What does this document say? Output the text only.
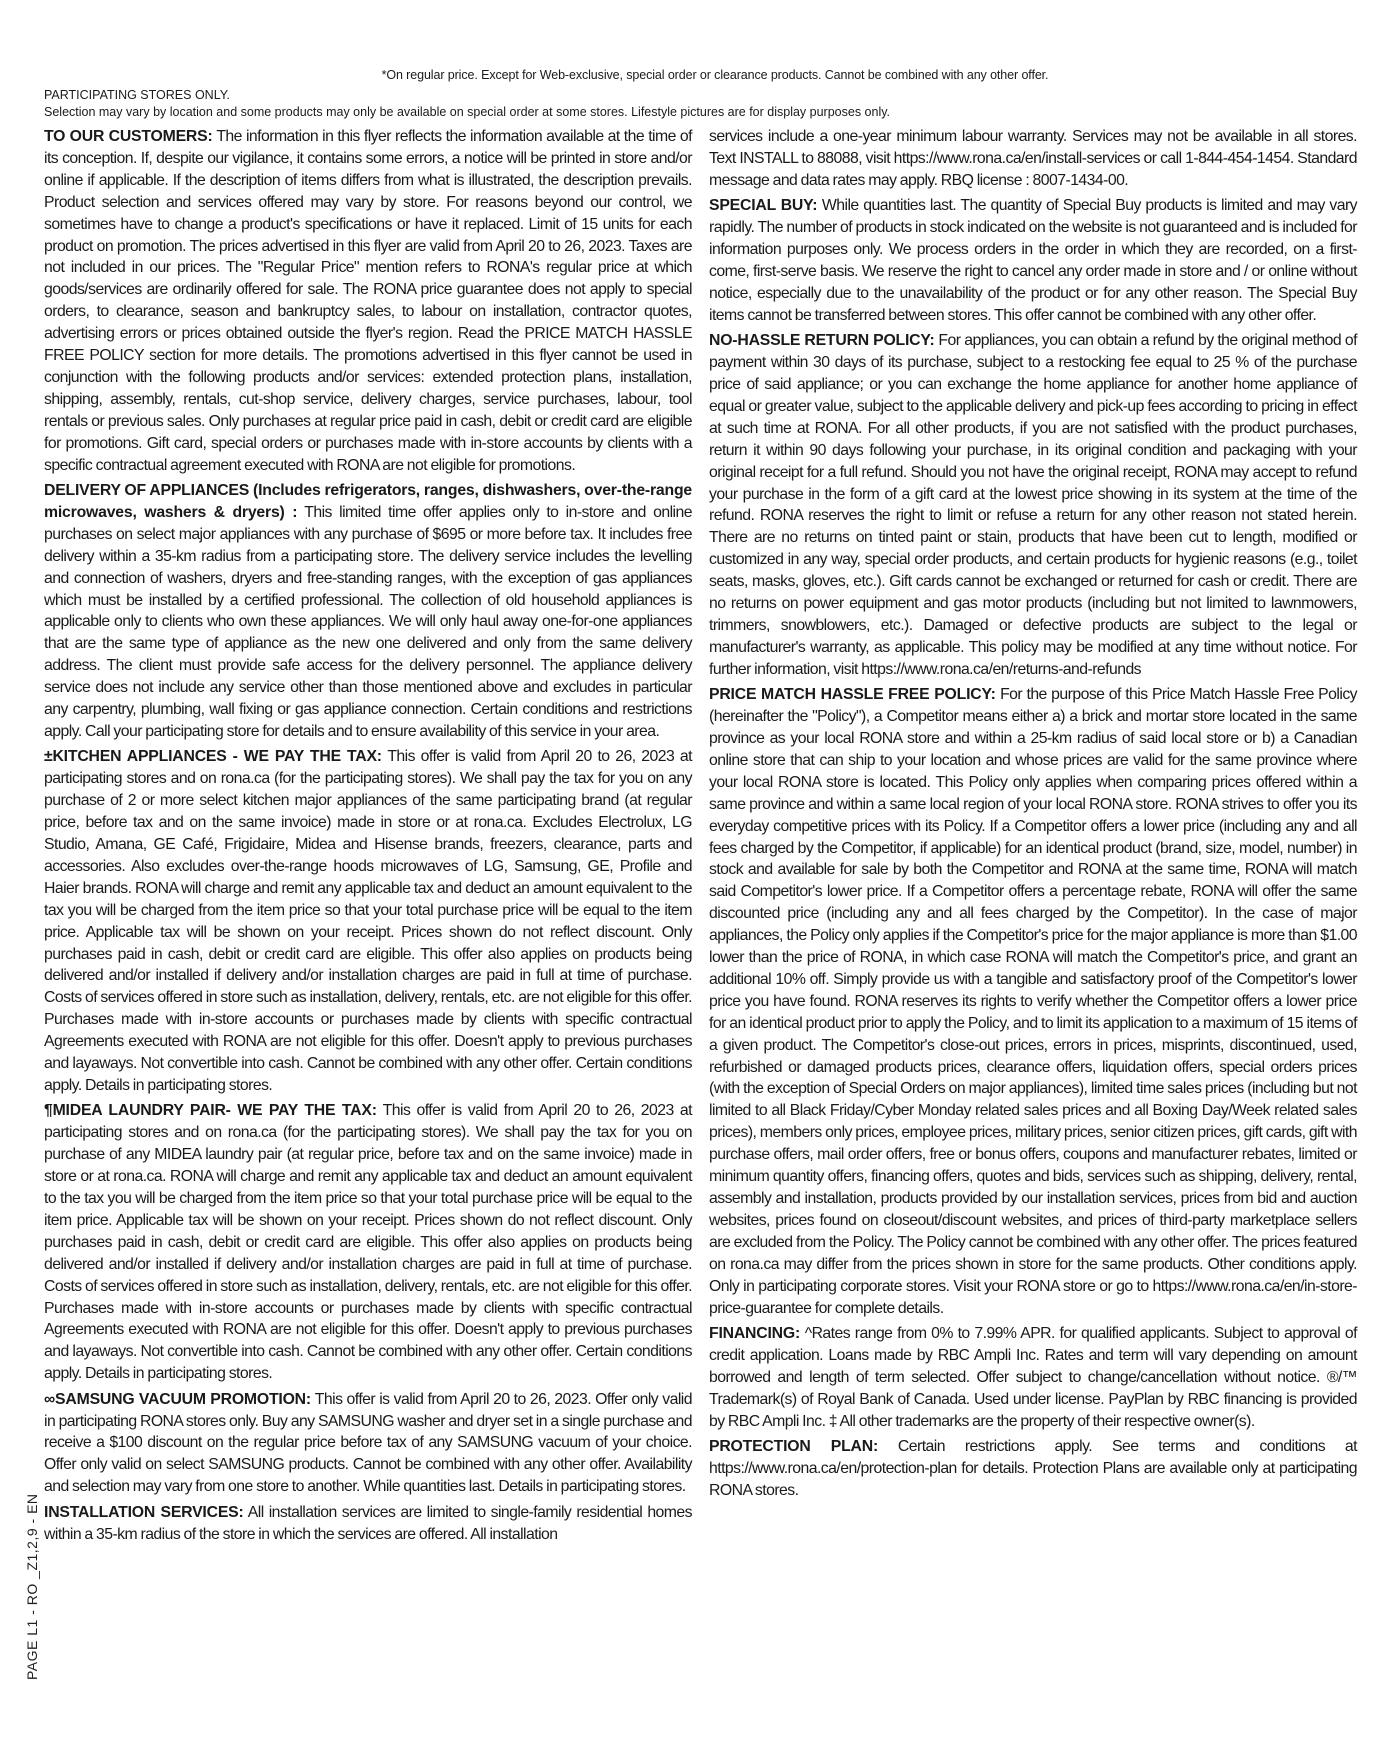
*On regular price. Except for Web-exclusive, special order or clearance products. Cannot be combined with any other offer.
PARTICIPATING STORES ONLY.
Selection may vary by location and some products may only be available on special order at some stores. Lifestyle pictures are for display purposes only.

TO OUR CUSTOMERS: The information in this flyer reflects the information available at the time of its conception. If, despite our vigilance, it contains some errors, a notice will be printed in store and/or online if applicable. If the description of items differs from what is illustrated, the description prevails. Product selection and services offered may vary by store. For reasons beyond our control, we sometimes have to change a product's specifications or have it replaced. Limit of 15 units for each product on promotion. The prices advertised in this flyer are valid from April 20 to 26, 2023. Taxes are not included in our prices. The "Regular Price" mention refers to RONA's regular price at which goods/services are ordinarily offered for sale. The RONA price guarantee does not apply to special orders, to clearance, season and bankruptcy sales, to labour on installation, contractor quotes, advertising errors or prices obtained outside the flyer's region. Read the PRICE MATCH HASSLE FREE POLICY section for more details. The promotions advertised in this flyer cannot be used in conjunction with the following products and/or services: extended protection plans, installation, shipping, assembly, rentals, cut-shop service, delivery charges, service purchases, labour, tool rentals or previous sales. Only purchases at regular price paid in cash, debit or credit card are eligible for promotions. Gift card, special orders or purchases made with in-store accounts by clients with a specific contractual agreement executed with RONA are not eligible for promotions.

DELIVERY OF APPLIANCES (Includes refrigerators, ranges, dishwashers, over-the-range microwaves, washers & dryers) : This limited time offer applies only to in-store and online purchases on select major appliances with any purchase of $695 or more before tax. It includes free delivery within a 35-km radius from a participating store. The delivery service includes the levelling and connection of washers, dryers and free-standing ranges, with the exception of gas appliances which must be installed by a certified professional. The collection of old household appliances is applicable only to clients who own these appliances. We will only haul away one-for-one appliances that are the same type of appliance as the new one delivered and only from the same delivery address. The client must provide safe access for the delivery personnel. The appliance delivery service does not include any service other than those mentioned above and excludes in particular any carpentry, plumbing, wall fixing or gas appliance connection. Certain conditions and restrictions apply. Call your participating store for details and to ensure availability of this service in your area.

±KITCHEN APPLIANCES - WE PAY THE TAX: This offer is valid from April 20 to 26, 2023 at participating stores and on rona.ca (for the participating stores). We shall pay the tax for you on any purchase of 2 or more select kitchen major appliances of the same participating brand (at regular price, before tax and on the same invoice) made in store or at rona.ca. Excludes Electrolux, LG Studio, Amana, GE Café, Frigidaire, Midea and Hisense brands, freezers, clearance, parts and accessories. Also excludes over-the-range hoods microwaves of LG, Samsung, GE, Profile and Haier brands. RONA will charge and remit any applicable tax and deduct an amount equivalent to the tax you will be charged from the item price so that your total purchase price will be equal to the item price. Applicable tax will be shown on your receipt. Prices shown do not reflect discount. Only purchases paid in cash, debit or credit card are eligible. This offer also applies on products being delivered and/or installed if delivery and/or installation charges are paid in full at time of purchase. Costs of services offered in store such as installation, delivery, rentals, etc. are not eligible for this offer. Purchases made with in-store accounts or purchases made by clients with specific contractual Agreements executed with RONA are not eligible for this offer. Doesn't apply to previous purchases and layaways. Not convertible into cash. Cannot be combined with any other offer. Certain conditions apply. Details in participating stores.

¶MIDEA LAUNDRY PAIR- WE PAY THE TAX: This offer is valid from April 20 to 26, 2023 at participating stores and on rona.ca (for the participating stores). We shall pay the tax for you on purchase of any MIDEA laundry pair (at regular price, before tax and on the same invoice) made in store or at rona.ca. RONA will charge and remit any applicable tax and deduct an amount equivalent to the tax you will be charged from the item price so that your total purchase price will be equal to the item price. Applicable tax will be shown on your receipt. Prices shown do not reflect discount. Only purchases paid in cash, debit or credit card are eligible. This offer also applies on products being delivered and/or installed if delivery and/or installation charges are paid in full at time of purchase. Costs of services offered in store such as installation, delivery, rentals, etc. are not eligible for this offer. Purchases made with in-store accounts or purchases made by clients with specific contractual Agreements executed with RONA are not eligible for this offer. Doesn't apply to previous purchases and layaways. Not convertible into cash. Cannot be combined with any other offer. Certain conditions apply. Details in participating stores.

∞SAMSUNG VACUUM PROMOTION: This offer is valid from April 20 to 26, 2023. Offer only valid in participating RONA stores only. Buy any SAMSUNG washer and dryer set in a single purchase and receive a $100 discount on the regular price before tax of any SAMSUNG vacuum of your choice. Offer only valid on select SAMSUNG products. Cannot be combined with any other offer. Availability and selection may vary from one store to another. While quantities last. Details in participating stores.

INSTALLATION SERVICES: All installation services are limited to single-family residential homes within a 35-km radius of the store in which the services are offered. All installation

services include a one-year minimum labour warranty. Services may not be available in all stores. Text INSTALL to 88088, visit https://www.rona.ca/en/install-services or call 1-844-454-1454. Standard message and data rates may apply. RBQ license : 8007-1434-00.

SPECIAL BUY: While quantities last. The quantity of Special Buy products is limited and may vary rapidly. The number of products in stock indicated on the website is not guaranteed and is included for information purposes only. We process orders in the order in which they are recorded, on a first-come, first-serve basis. We reserve the right to cancel any order made in store and / or online without notice, especially due to the unavailability of the product or for any other reason. The Special Buy items cannot be transferred between stores. This offer cannot be combined with any other offer.

NO-HASSLE RETURN POLICY: For appliances, you can obtain a refund by the original method of payment within 30 days of its purchase, subject to a restocking fee equal to 25 % of the purchase price of said appliance; or you can exchange the home appliance for another home appliance of equal or greater value, subject to the applicable delivery and pick-up fees according to pricing in effect at such time at RONA. For all other products, if you are not satisfied with the product purchases, return it within 90 days following your purchase, in its original condition and packaging with your original receipt for a full refund. Should you not have the original receipt, RONA may accept to refund your purchase in the form of a gift card at the lowest price showing in its system at the time of the refund. RONA reserves the right to limit or refuse a return for any other reason not stated herein. There are no returns on tinted paint or stain, products that have been cut to length, modified or customized in any way, special order products, and certain products for hygienic reasons (e.g., toilet seats, masks, gloves, etc.). Gift cards cannot be exchanged or returned for cash or credit. There are no returns on power equipment and gas motor products (including but not limited to lawnmowers, trimmers, snowblowers, etc.). Damaged or defective products are subject to the legal or manufacturer's warranty, as applicable. This policy may be modified at any time without notice. For further information, visit https://www.rona.ca/en/returns-and-refunds

PRICE MATCH HASSLE FREE POLICY: For the purpose of this Price Match Hassle Free Policy (hereinafter the "Policy"), a Competitor means either a) a brick and mortar store located in the same province as your local RONA store and within a 25-km radius of said local store or b) a Canadian online store that can ship to your location and whose prices are valid for the same province where your local RONA store is located. This Policy only applies when comparing prices offered within a same province and within a same local region of your local RONA store. RONA strives to offer you its everyday competitive prices with its Policy. If a Competitor offers a lower price (including any and all fees charged by the Competitor, if applicable) for an identical product (brand, size, model, number) in stock and available for sale by both the Competitor and RONA at the same time, RONA will match said Competitor's lower price. If a Competitor offers a percentage rebate, RONA will offer the same discounted price (including any and all fees charged by the Competitor). In the case of major appliances, the Policy only applies if the Competitor's price for the major appliance is more than $1.00 lower than the price of RONA, in which case RONA will match the Competitor's price, and grant an additional 10% off. Simply provide us with a tangible and satisfactory proof of the Competitor's lower price you have found. RONA reserves its rights to verify whether the Competitor offers a lower price for an identical product prior to apply the Policy, and to limit its application to a maximum of 15 items of a given product. The Competitor's close-out prices, errors in prices, misprints, discontinued, used, refurbished or damaged products prices, clearance offers, liquidation offers, special orders prices (with the exception of Special Orders on major appliances), limited time sales prices (including but not limited to all Black Friday/Cyber Monday related sales prices and all Boxing Day/Week related sales prices), members only prices, employee prices, military prices, senior citizen prices, gift cards, gift with purchase offers, mail order offers, free or bonus offers, coupons and manufacturer rebates, limited or minimum quantity offers, financing offers, quotes and bids, services such as shipping, delivery, rental, assembly and installation, products provided by our installation services, prices from bid and auction websites, prices found on closeout/discount websites, and prices of third-party marketplace sellers are excluded from the Policy. The Policy cannot be combined with any other offer. The prices featured on rona.ca may differ from the prices shown in store for the same products. Other conditions apply. Only in participating corporate stores. Visit your RONA store or go to https://www.rona.ca/en/in-store-price-guarantee for complete details.

FINANCING: ^Rates range from 0% to 7.99% APR. for qualified applicants. Subject to approval of credit application. Loans made by RBC Ampli Inc. Rates and term will vary depending on amount borrowed and length of term selected. Offer subject to change/cancellation without notice. ®/™ Trademark(s) of Royal Bank of Canada. Used under license. PayPlan by RBC financing is provided by RBC Ampli Inc. ‡ All other trademarks are the property of their respective owner(s).

PROTECTION PLAN: Certain restrictions apply. See terms and conditions at https://www.rona.ca/en/protection-plan for details. Protection Plans are available only at participating RONA stores.

PAGE L1 - RO _Z1,2,9 - EN
